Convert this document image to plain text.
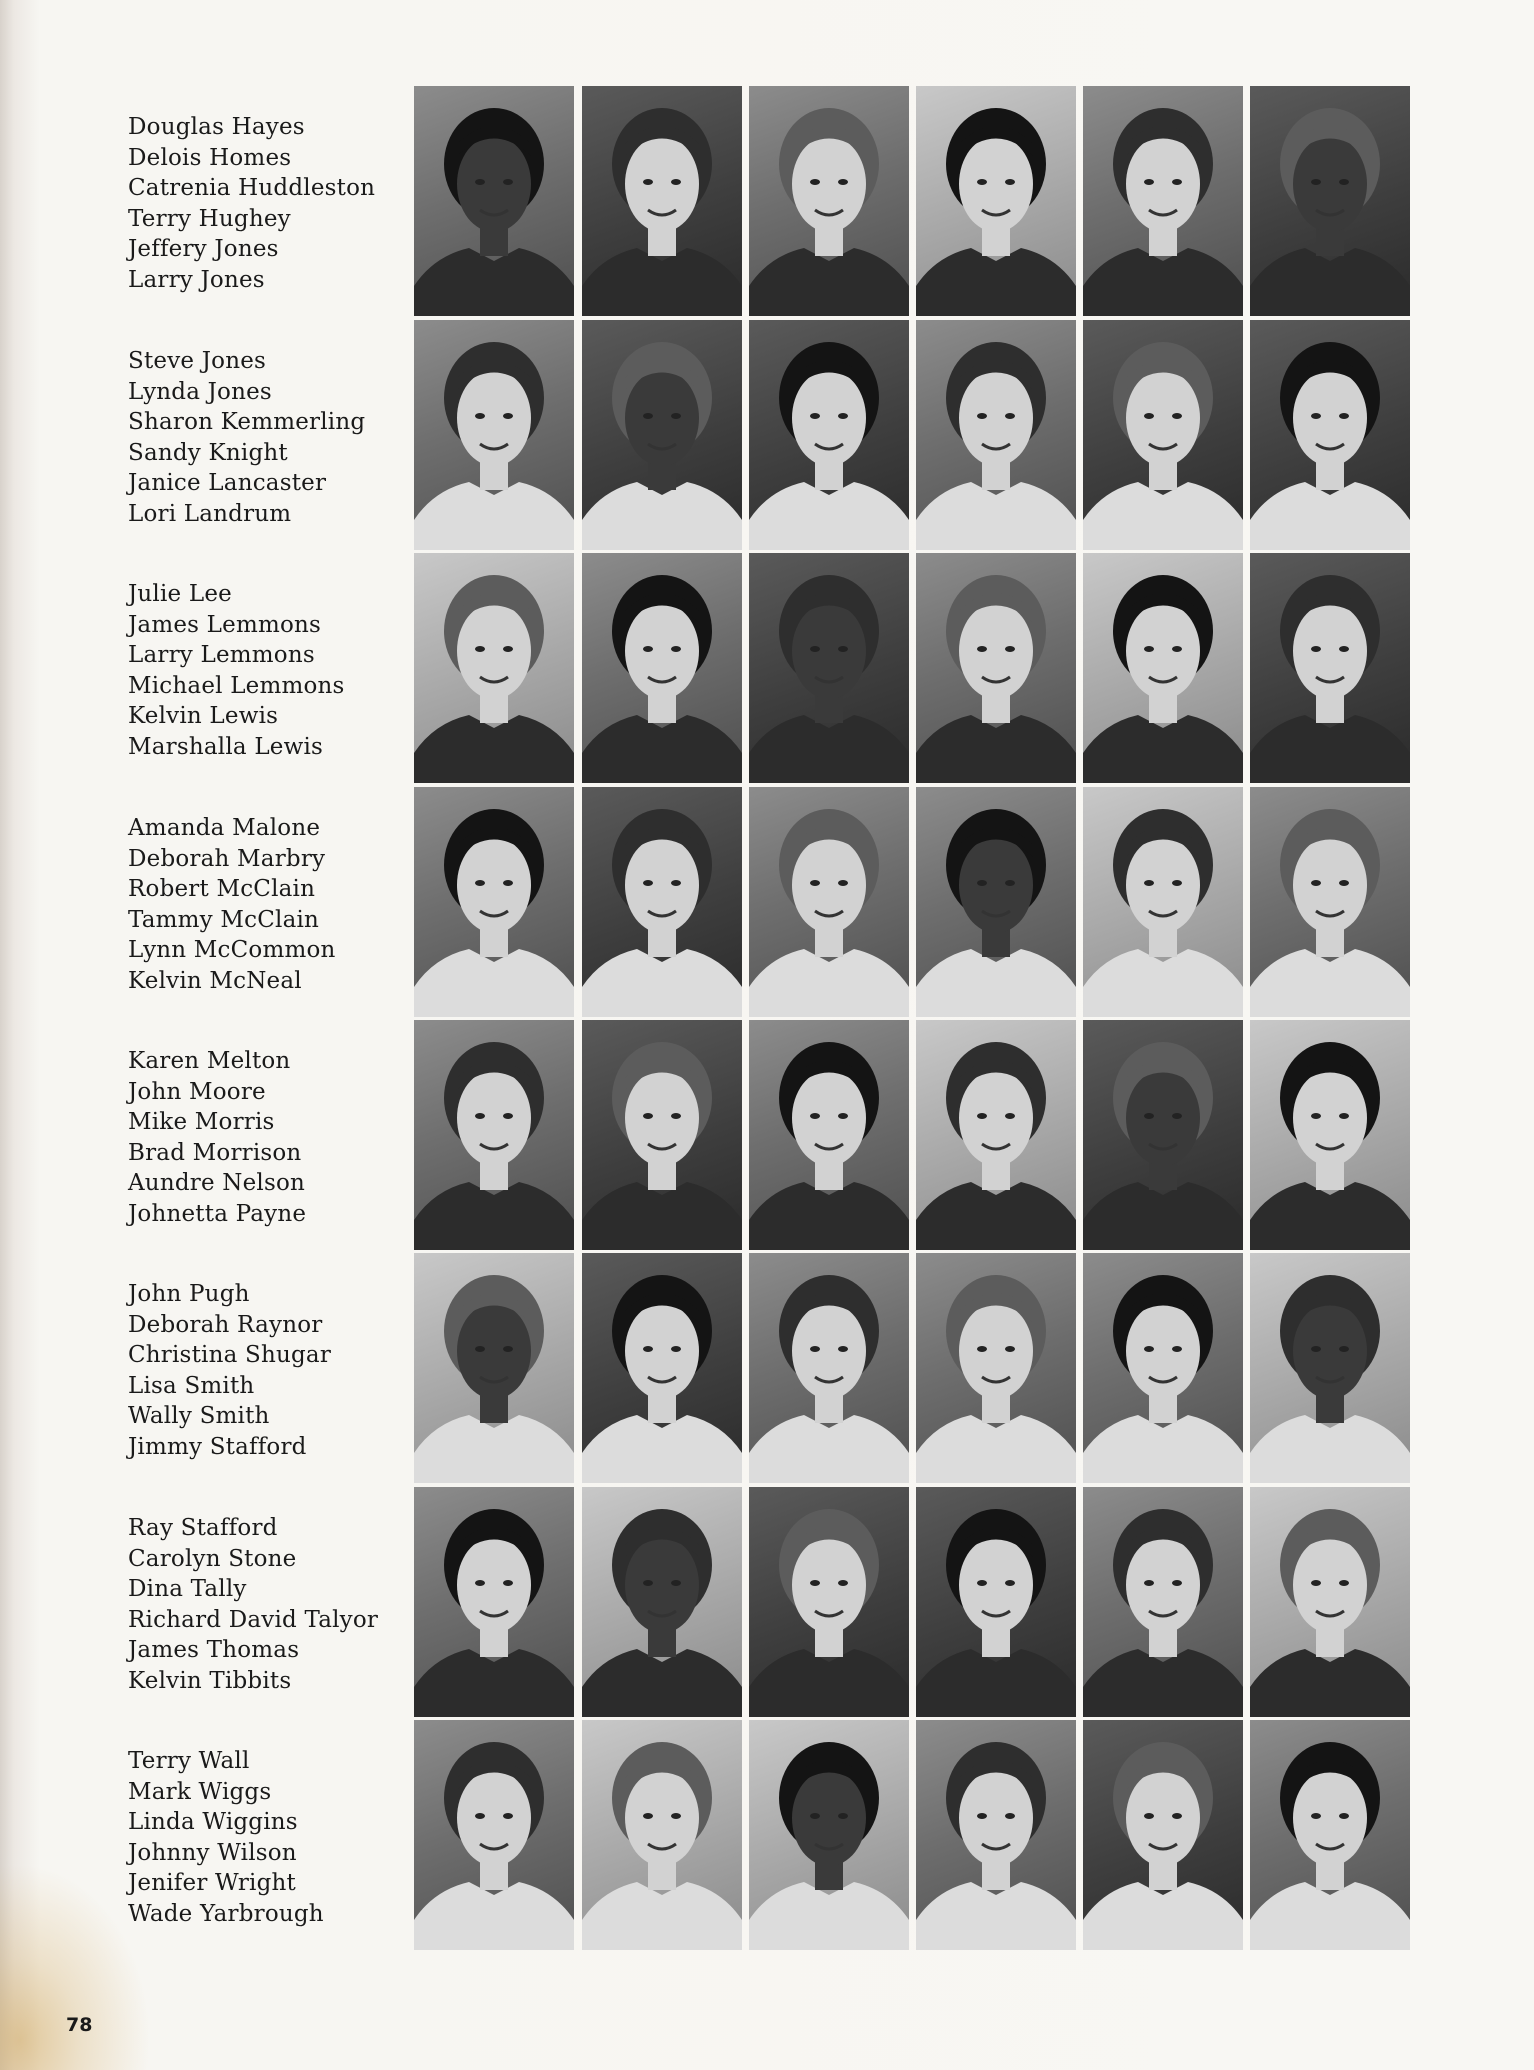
Douglas Hayes
Delois Homes
Catrenia Huddleston
Terry Hughey
Jeffery Jones
Larry Jones
Steve Jones
Lynda Jones
Sharon Kemmerling
Sandy Knight
Janice Lancaster
Lori Landrum
Julie Lee
James Lemmons
Larry Lemmons
Michael Lemmons
Kelvin Lewis
Marshalla Lewis
Amanda Malone
Deborah Marbry
Robert McClain
Tammy McClain
Lynn McCommon
Kelvin McNeal
Karen Melton
John Moore
Mike Morris
Brad Morrison
Aundre Nelson
Johnetta Payne
John Pugh
Deborah Raynor
Christina Shugar
Lisa Smith
Wally Smith
Jimmy Stafford
Ray Stafford
Carolyn Stone
Dina Tally
Richard David Talyor
James Thomas
Kelvin Tibbits
Terry Wall
Mark Wiggs
Linda Wiggins
Johnny Wilson
Jenifer Wright
Wade Yarbrough
78
